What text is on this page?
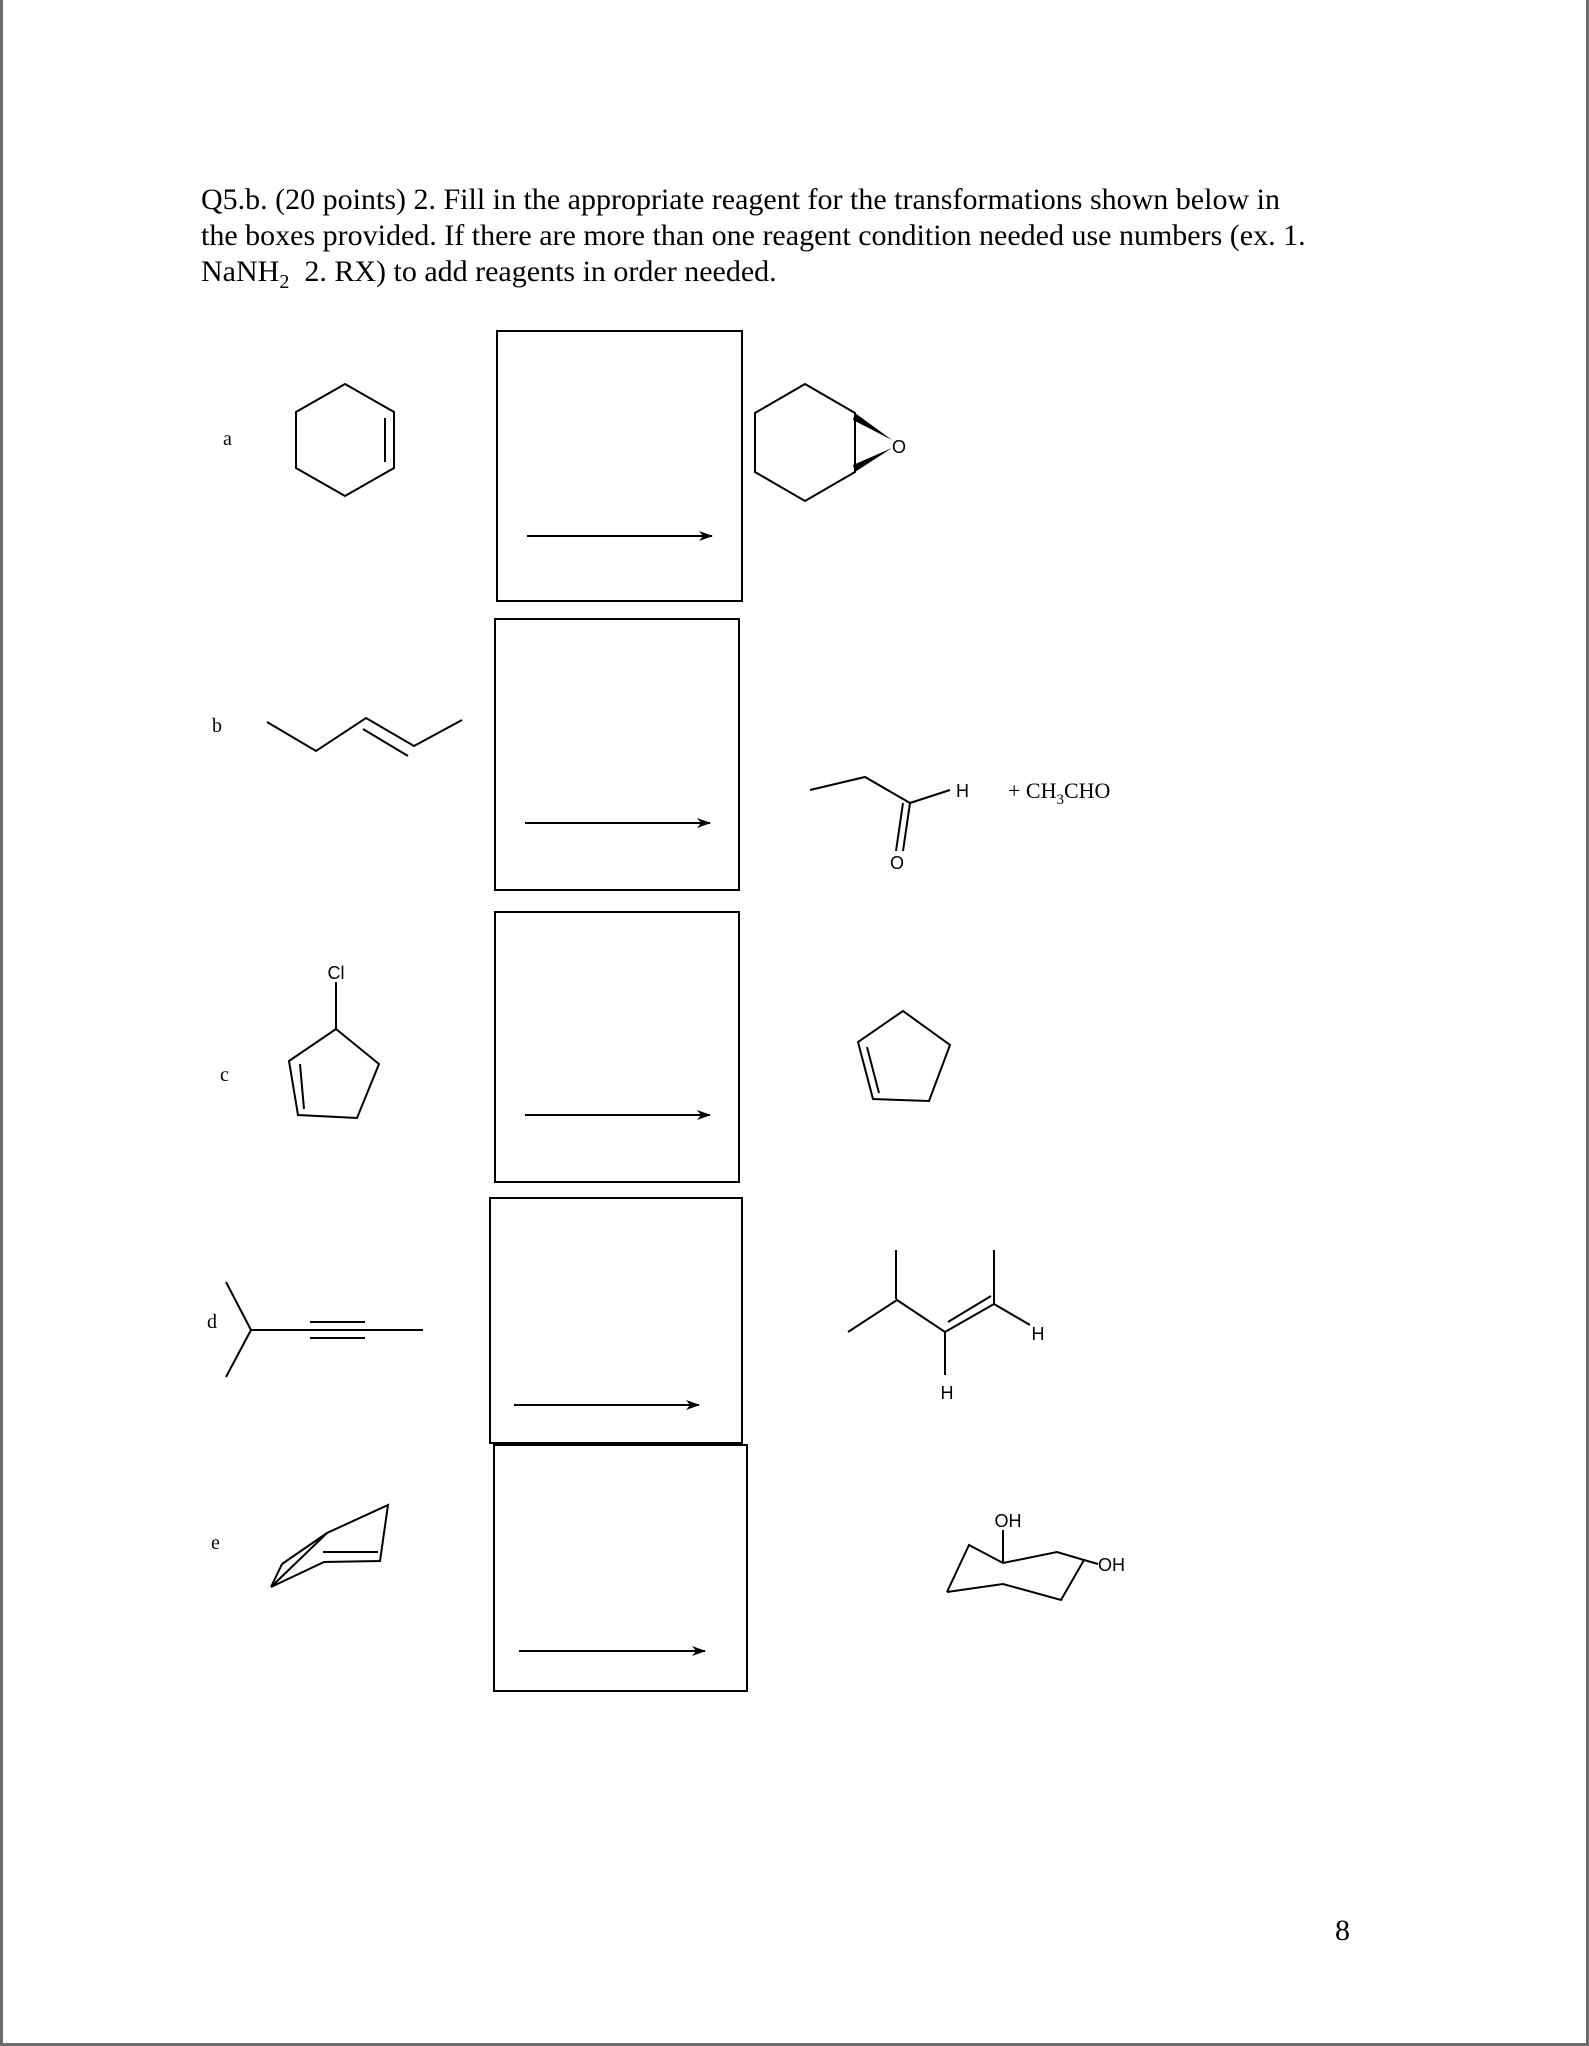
Q5.b. (20 points) 2. Fill in the appropriate reagent for the transformations shown below in
the boxes provided. If there are more than one reagent condition needed use numbers (ex. 1.
NaNH$_2$  2. RX) to add reagents in order needed.
a
b
c
d
e
O
H
O
+ $CH_3CHO$
Cl
H
H
OH
OH
8
